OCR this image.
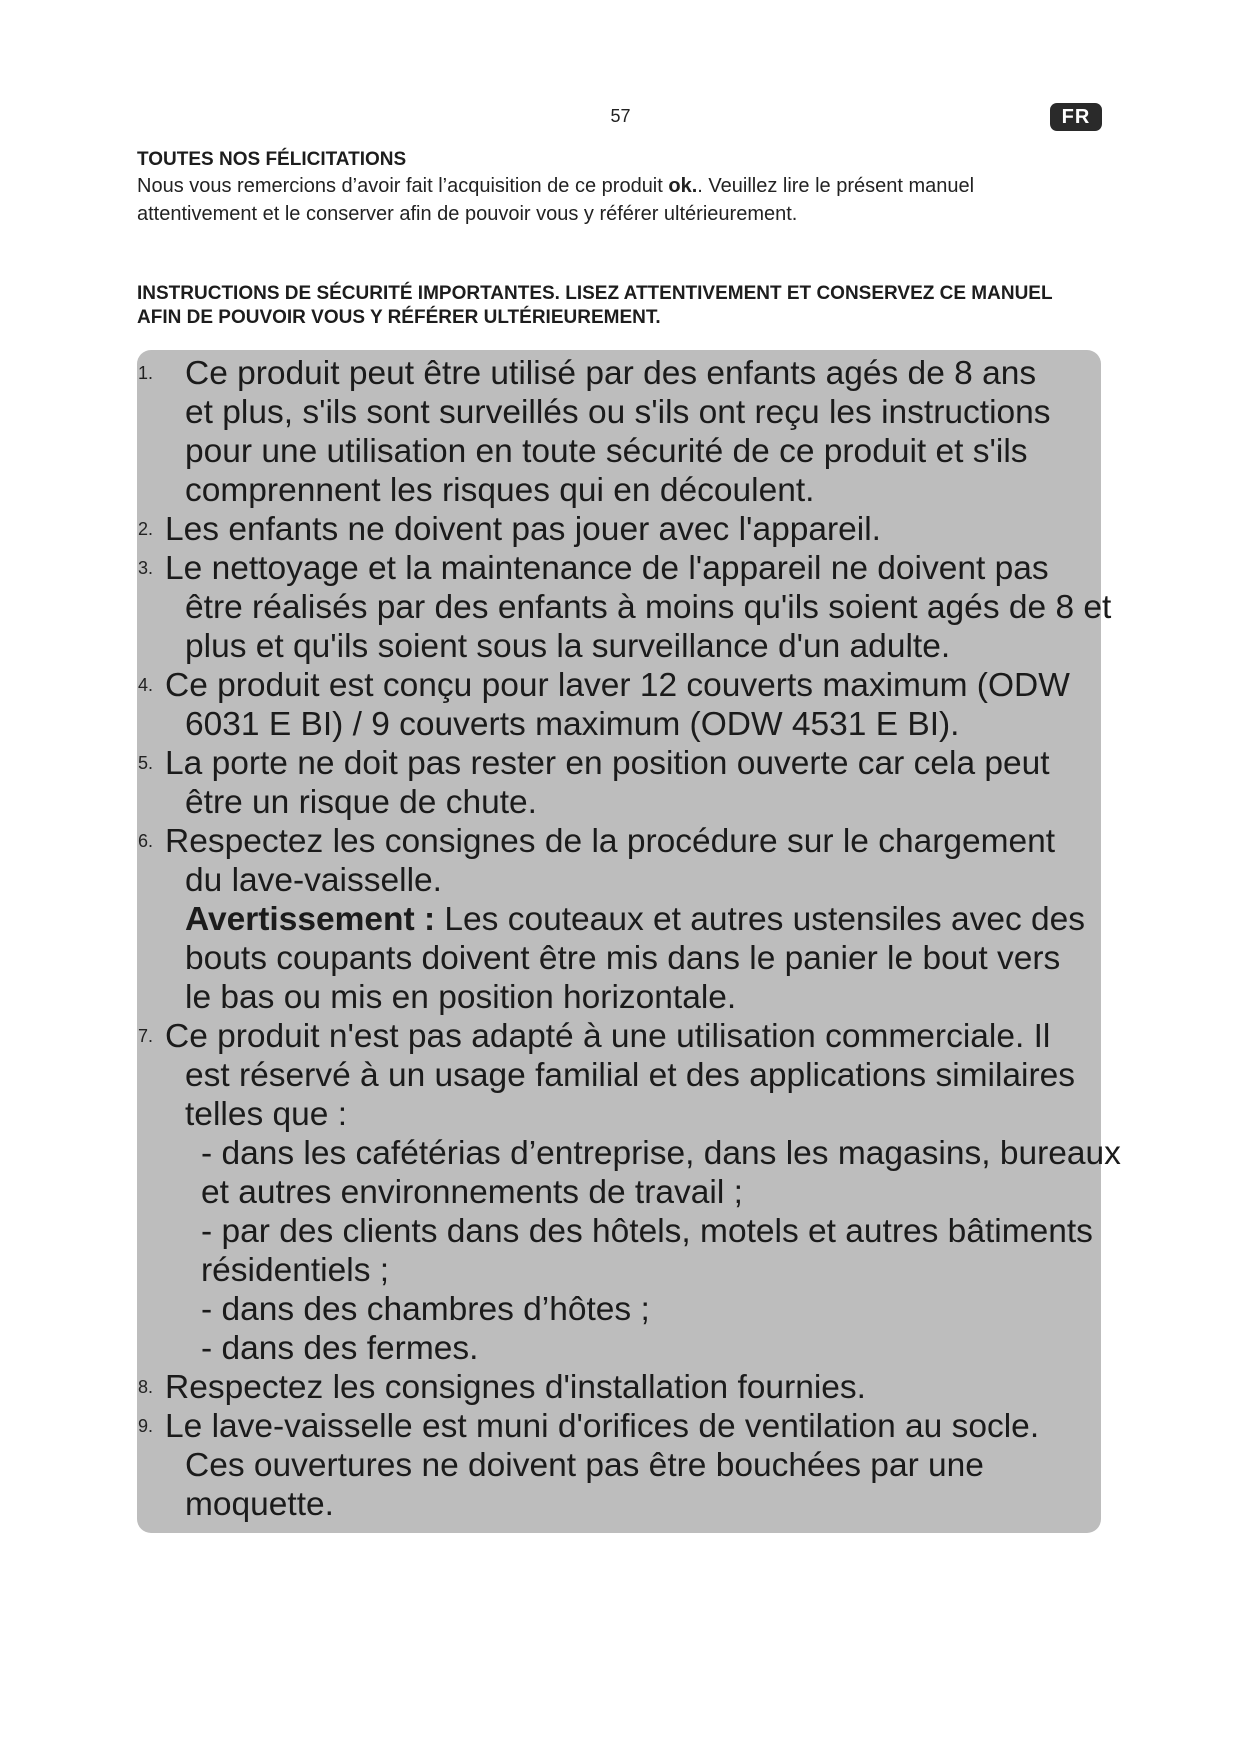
57	FR
TOUTES NOS FÉLICITATIONS

Nous vous remercions d’avoir fait l’acquisition de ce produit ok.. Veuillez lire le présent manuel attentivement et le conserver afin de pouvoir vous y référer ultérieurement.

INSTRUCTIONS DE SÉCURITÉ IMPORTANTES. LISEZ ATTENTIVEMENT ET CONSERVEZ CE MANUEL AFIN DE POUVOIR VOUS Y RÉFÉRER ULTÉRIEUREMENT.
1. Ce produit peut être utilisé par des enfants agés de 8 ans
et plus, s'ils sont surveillés ou s'ils ont reçu les instructions
pour une utilisation en toute sécurité de ce produit et s'ils
comprennent les risques qui en découlent.
2. Les enfants ne doivent pas jouer avec l'appareil.
3. Le nettoyage et la maintenance de l'appareil ne doivent pas
être réalisés par des enfants à moins qu'ils soient agés de 8 et
plus et qu'ils soient sous la surveillance d'un adulte.
4. Ce produit est conçu pour laver 12 couverts maximum (ODW
6031 E BI) / 9 couverts maximum (ODW 4531 E BI).
5. La porte ne doit pas rester en position ouverte car cela peut
être un risque de chute.
6. Respectez les consignes de la procédure sur le chargement
du lave-vaisselle.
Avertissement : Les couteaux et autres ustensiles avec des
bouts coupants doivent être mis dans le panier le bout vers
le bas ou mis en position horizontale.
7. Ce produit n'est pas adapté à une utilisation commerciale. Il
est réservé à un usage familial et des applications similaires
telles que :
- dans les cafétérias d’entreprise, dans les magasins, bureaux
et autres environnements de travail ;
- par des clients dans des hôtels, motels et autres bâtiments
résidentiels ;
- dans des chambres d’hôtes ;
- dans des fermes.
8. Respectez les consignes d'installation fournies.
9. Le lave-vaisselle est muni d'orifices de ventilation au socle.
Ces ouvertures ne doivent pas être bouchées par une
moquette.
